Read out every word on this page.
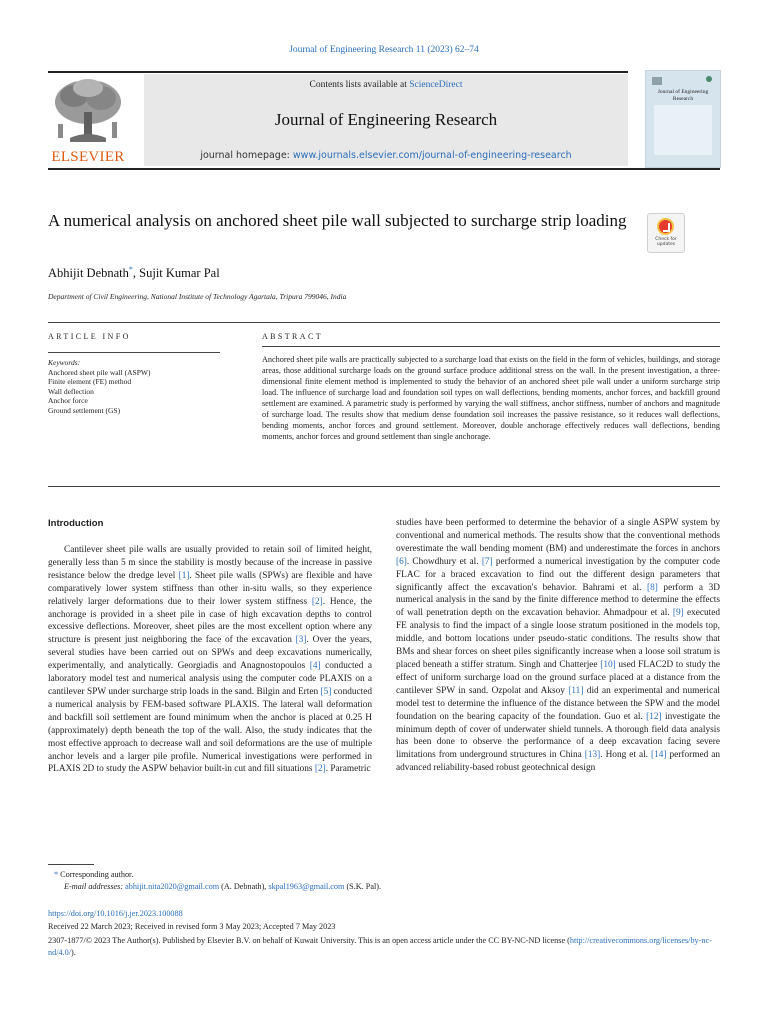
Journal of Engineering Research 11 (2023) 62–74
ELSEVIER
Contents lists available at ScienceDirect
Journal of Engineering Research
journal homepage: www.journals.elsevier.com/journal-of-engineering-research
Journal of Engineering Research
A numerical analysis on anchored sheet pile wall subjected to surcharge strip loading
Check for updates
Abhijit Debnath*, Sujit Kumar Pal
Department of Civil Engineering, National Institute of Technology Agartala, Tripura 799046, India
ARTICLE INFO	ABSTRACT
Keywords:
Anchored sheet pile wall (ASPW)
Finite element (FE) method
Wall deflection
Anchor force
Ground settlement (GS)
Anchored sheet pile walls are practically subjected to a surcharge load that exists on the field in the form of vehicles, buildings, and storage areas, those additional surcharge loads on the ground surface produce additional stress on the wall. In the present investigation, a three-dimensional finite element method is implemented to study the behavior of an anchored sheet pile wall under a uniform surcharge strip load. The influence of surcharge load and foundation soil types on wall deflections, bending moments, anchor forces, and backfill ground settlement are examined. A parametric study is performed by varying the wall stiffness, anchor stiffness, number of anchors and magnitude of surcharge load. The results show that medium dense foundation soil increases the passive resistance, so it reduces wall deflections, bending moments, anchor forces and ground settlement. Moreover, double anchorage effectively reduces wall deflections, bending moments, anchor forces and ground settlement than single anchorage.
Introduction
Cantilever sheet pile walls are usually provided to retain soil of limited height, generally less than 5 m since the stability is mostly because of the increase in passive resistance below the dredge level [1]. Sheet pile walls (SPWs) are flexible and have comparatively lower system stiffness than other in-situ walls, so they experience relatively larger deformations due to their lower system stiffness [2]. Hence, the anchorage is provided in a sheet pile in case of high excavation depths to control excessive deflections. Moreover, sheet piles are the most excellent option where any structure is present just neighboring the face of the excavation [3]. Over the years, several studies have been carried out on SPWs and deep excavations numerically, experimentally, and analytically. Georgiadis and Anagnostopoulos [4] conducted a laboratory model test and numerical analysis using the computer code PLAXIS on a cantilever SPW under surcharge strip loads in the sand. Bilgin and Erten [5] conducted a numerical analysis by FEM-based software PLAXIS. The lateral wall deformation and backfill soil settlement are found minimum when the anchor is placed at 0.25 H (approximately) depth beneath the top of the wall. Also, the study indicates that the most effective approach to decrease wall and soil deformations are the use of multiple anchor levels and a larger pile profile. Numerical investigations were performed in PLAXIS 2D to study the ASPW behavior built-in cut and fill situations [2]. Parametric
studies have been performed to determine the behavior of a single ASPW system by conventional and numerical methods. The results show that the conventional methods overestimate the wall bending moment (BM) and underestimate the forces in anchors [6]. Chowdhury et al. [7] performed a numerical investigation by the computer code FLAC for a braced excavation to find out the different design parameters that significantly affect the excavation's behavior. Bahrami et al. [8] perform a 3D numerical analysis in the sand by the finite difference method to determine the effects of wall penetration depth on the excavation behavior. Ahmadpour et al. [9] executed FE analysis to find the impact of a single loose stratum positioned in the models top, middle, and bottom locations under pseudo-static conditions. The results show that BMs and shear forces on sheet piles significantly increase when a loose soil stratum is placed beneath a stiffer stratum. Singh and Chatterjee [10] used FLAC2D to study the effect of uniform surcharge load on the ground surface placed at a distance from the cantilever SPW in sand. Ozpolat and Aksoy [11] did an experimental and numerical model test to determine the influence of the distance between the SPW and the model foundation on the bearing capacity of the foundation. Guo et al. [12] investigate the minimum depth of cover of underwater shield tunnels. A thorough field data analysis has been done to observe the performance of a deep excavation facing severe limitations from underground structures in China [13]. Hong et al. [14] performed an advanced reliability-based robust geotechnical design
* Corresponding author.
E-mail addresses: abhijit.nita2020@gmail.com (A. Debnath), skpal1963@gmail.com (S.K. Pal).
https://doi.org/10.1016/j.jer.2023.100088
Received 22 March 2023; Received in revised form 3 May 2023; Accepted 7 May 2023
2307-1877/© 2023 The Author(s). Published by Elsevier B.V. on behalf of Kuwait University. This is an open access article under the CC BY-NC-ND license (http://creativecommons.org/licenses/by-nc-nd/4.0/).
